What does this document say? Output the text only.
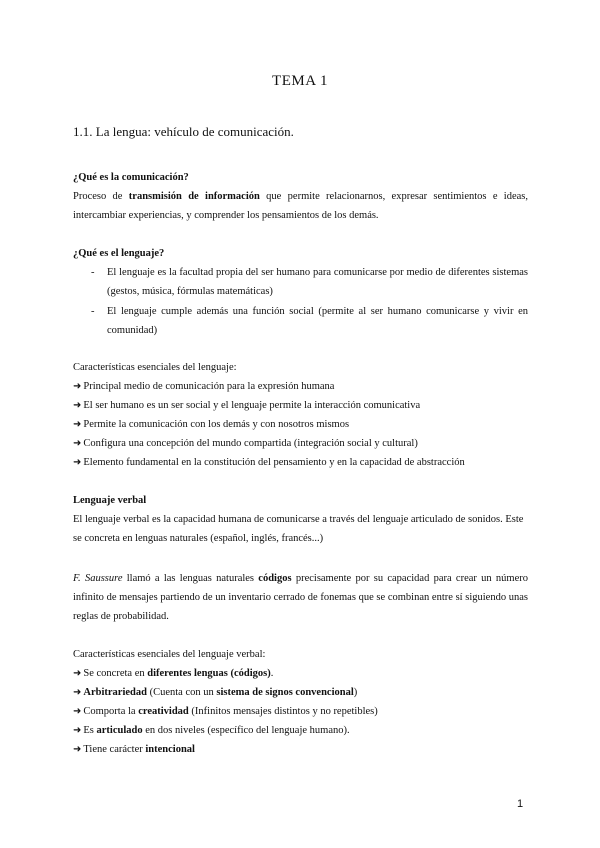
TEMA 1
1.1. La lengua: vehículo de comunicación.
¿Qué es la comunicación?
Proceso de transmisión de información que permite relacionarnos, expresar sentimientos e ideas, intercambiar experiencias, y comprender los pensamientos de los demás.
¿Qué es el lenguaje?
- El lenguaje es la facultad propia del ser humano para comunicarse por medio de diferentes sistemas (gestos, música, fórmulas matemáticas)
- El lenguaje cumple además una función social (permite al ser humano comunicarse y vivir en comunidad)
Características esenciales del lenguaje:
➜ Principal medio de comunicación para la expresión humana
➜ El ser humano es un ser social y el lenguaje permite la interacción comunicativa
➜ Permite la comunicación con los demás y con nosotros mismos
➜ Configura una concepción del mundo compartida (integración social y cultural)
➜ Elemento fundamental en la constitución del pensamiento y en la capacidad de abstracción
Lenguaje verbal
El lenguaje verbal es la capacidad humana de comunicarse a través del lenguaje articulado de sonidos. Este se concreta en lenguas naturales (español, inglés, francés...)
F. Saussure llamó a las lenguas naturales códigos precisamente por su capacidad para crear un número infinito de mensajes partiendo de un inventario cerrado de fonemas que se combinan entre sí siguiendo unas reglas de probabilidad.
Características esenciales del lenguaje verbal:
➜ Se concreta en diferentes lenguas (códigos).
➜ Arbitrariedad (Cuenta con un sistema de signos convencional)
➜ Comporta la creatividad (Infinitos mensajes distintos y no repetibles)
➜ Es articulado en dos niveles (específico del lenguaje humano).
➜ Tiene carácter intencional
1
